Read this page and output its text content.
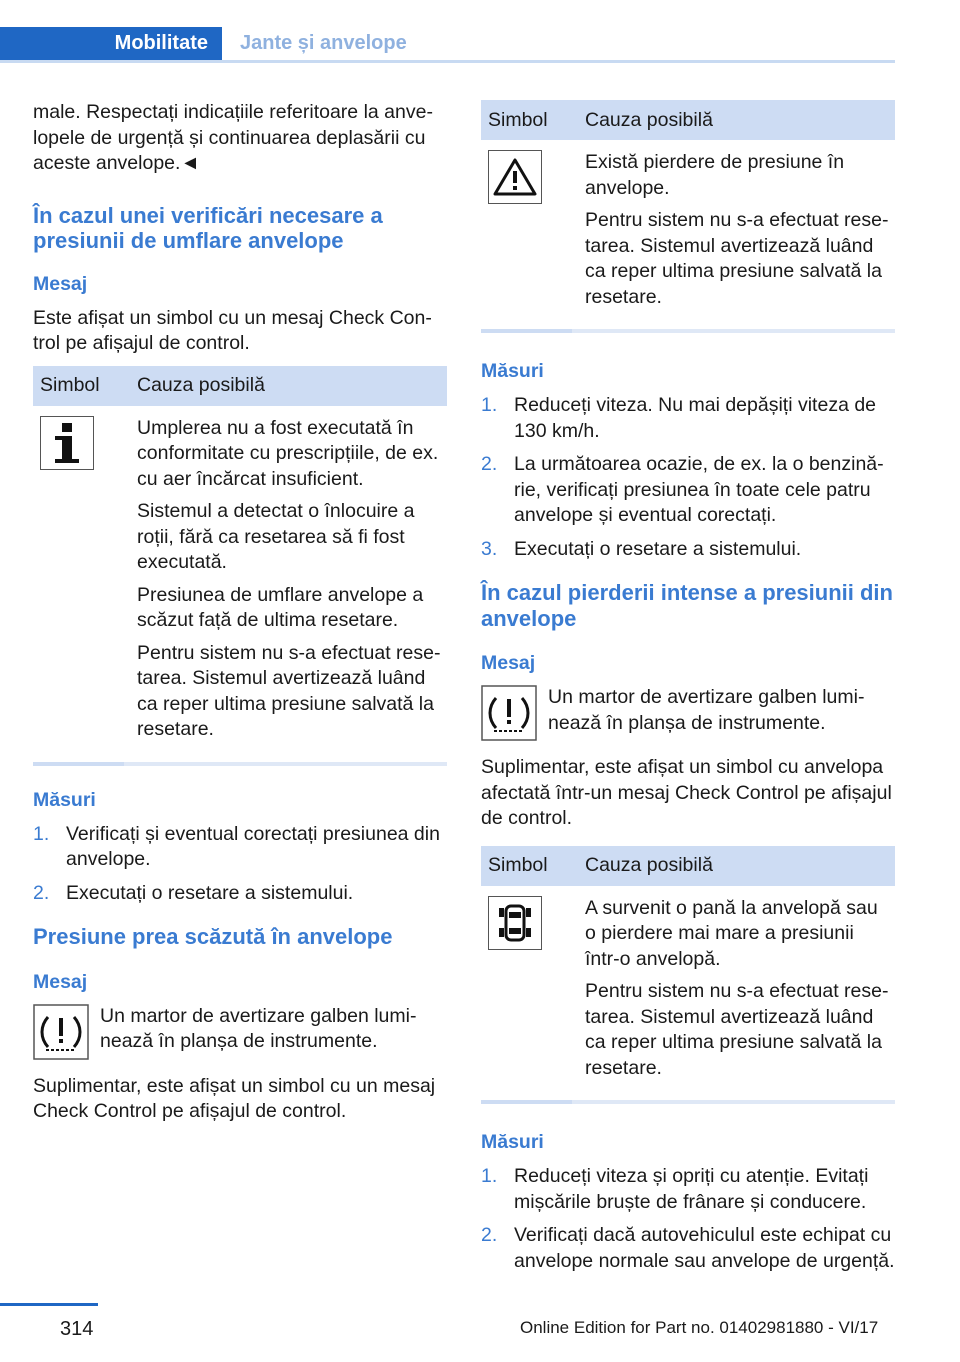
Mobilitate	Jante și anvelope

male. Respectați indicațiile referitoare la anvelopele de urgență și continuarea deplasării cu aceste anvelope.◄

În cazul unei verificări necesare a presiunii de umflare anvelope
Mesaj

Este afișat un simbol cu un mesaj Check Control pe afișajul de control.

Simbol	Cauza posibilă

Umplerea nu a fost executată în conformitate cu prescripțiile, de ex. cu aer încărcat insuficient.

Sistemul a detectat o înlocuire a roții, fără ca resetarea să fi fost executată.

Presiunea de umflare anvelope a scăzut față de ultima resetare.

Pentru sistem nu s-a efectuat resetarea. Sistemul avertizează luând ca reper ultima presiune salvată la resetare.

Măsuri
1. Verificați și eventual corectați presiunea din anvelope.
2. Executați o resetare a sistemului.
Presiune prea scăzută în anvelope
Mesaj

Un martor de avertizare galben luminează în planșa de instrumente.

Suplimentar, este afișat un simbol cu un mesaj Check Control pe afișajul de control.

Simbol	Cauza posibilă

Există pierdere de presiune în anvelope.

Pentru sistem nu s-a efectuat resetarea. Sistemul avertizează luând ca reper ultima presiune salvată la resetare.

Măsuri
1. Reduceți viteza. Nu mai depășiți viteza de 130 km/h.
2. La următoarea ocazie, de ex. la o benzinărie, verificați presiunea în toate cele patru anvelope și eventual corectați.
3. Executați o resetare a sistemului.
În cazul pierderii intense a presiunii din anvelope
Mesaj

Un martor de avertizare galben luminează în planșa de instrumente.

Suplimentar, este afișat un simbol cu anvelopa afectată într-un mesaj Check Control pe afișajul de control.

Simbol	Cauza posibilă

A survenit o pană la anvelopă sau o pierdere mai mare a presiunii într-o anvelopă.

Pentru sistem nu s-a efectuat resetarea. Sistemul avertizează luând ca reper ultima presiune salvată la resetare.

Măsuri
1. Reduceți viteza și opriți cu atenție. Evitați mișcările bruște de frânare și conducere.
2. Verificați dacă autovehiculul este echipat cu anvelope normale sau anvelope de urgență.
314	Online Edition for Part no. 01402981880 - VI/17
